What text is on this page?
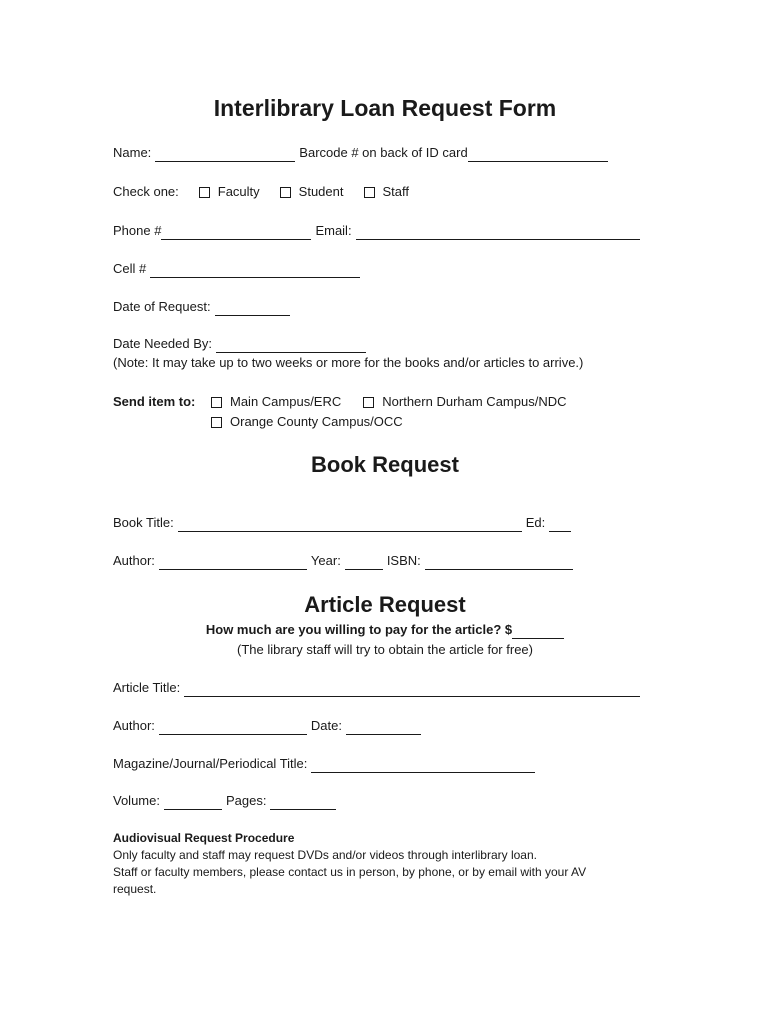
Interlibrary Loan Request Form
Name:	Barcode # on back of ID card
Check one:	Faculty	Student	Staff
Phone #	Email:
Cell #
Date of Request:
Date Needed By:
(Note: It may take up to two weeks or more for the books and/or articles to arrive.)
Send item to:	Main Campus/ERC	Northern Durham Campus/NDC
Orange County Campus/OCC
Book Request
Book Title:	Ed:
Author:	Year:	ISBN:
Article Request
How much are you willing to pay for the article? $
(The library staff will try to obtain the article for free)
Article Title:
Author:	Date:
Magazine/Journal/Periodical Title:
Volume:	Pages:
Audiovisual Request Procedure
Only faculty and staff may request DVDs and/or videos through interlibrary loan.
Staff or faculty members, please contact us in person, by phone, or by email with your AV
request.
